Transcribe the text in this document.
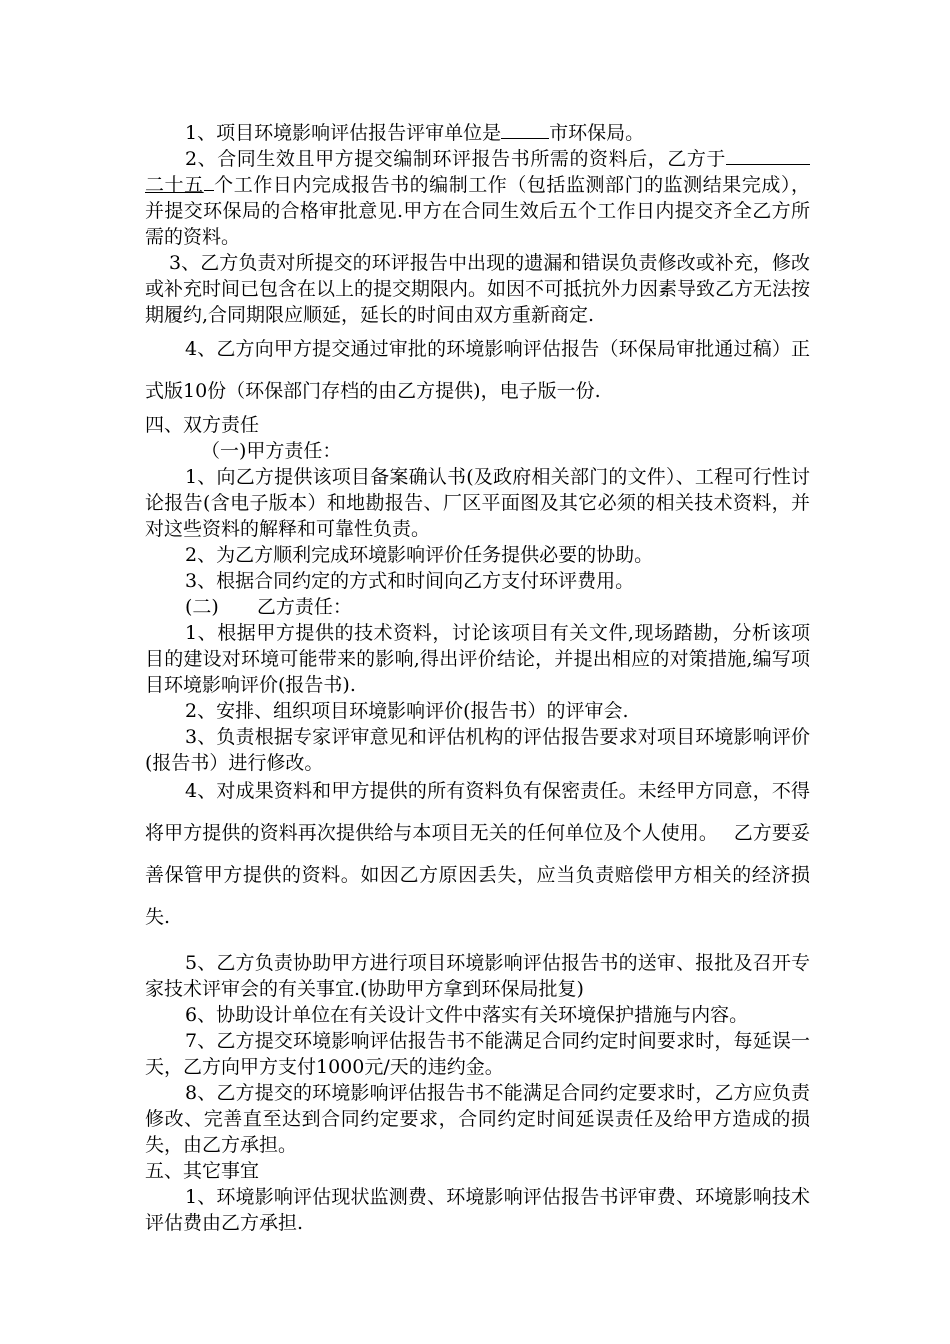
1、项目环境影响评估报告评审单位是	市环保局。

2、合同生效且甲方提交编制环评报告书所需的资料后，乙方于二十五 个工作日内完成报告书的编制工作（包括监测部门的监测结果完成），并提交环保局的合格审批意见.甲方在合同生效后五个工作日内提交齐全乙方所需的资料。

3、乙方负责对所提交的环评报告中出现的遗漏和错误负责修改或补充，修改或补充时间已包含在以上的提交期限内。如因不可抵抗外力因素导致乙方无法按期履约,合同期限应顺延，延长的时间由双方重新商定.

4、乙方向甲方提交通过审批的环境影响评估报告（环保局审批通过稿）正式版10份（环保部门存档的由乙方提供)，电子版一份.

四、双方责任

（一)甲方责任：

1、向乙方提供该项目备案确认书(及政府相关部门的文件）、工程可行性讨论报告(含电子版本）和地勘报告、厂区平面图及其它必须的相关技术资料，并对这些资料的解释和可靠性负责。

2、为乙方顺利完成环境影响评价任务提供必要的协助。

3、根据合同约定的方式和时间向乙方支付环评费用。

(二)　　乙方责任：

1、根据甲方提供的技术资料，讨论该项目有关文件,现场踏勘，分析该项目的建设对环境可能带来的影响,得出评价结论，并提出相应的对策措施,编写项目环境影响评价(报告书).

2、安排、组织项目环境影响评价(报告书）的评审会.

3、负责根据专家评审意见和评估机构的评估报告要求对项目环境影响评价(报告书）进行修改。

4、对成果资料和甲方提供的所有资料负有保密责任。未经甲方同意，不得将甲方提供的资料再次提供给与本项目无关的任何单位及个人使用。　 乙方要妥善保管甲方提供的资料。如因乙方原因丢失，应当负责赔偿甲方相关的经济损失.

5、乙方负责协助甲方进行项目环境影响评估报告书的送审、报批及召开专家技术评审会的有关事宜.(协助甲方拿到环保局批复)

6、协助设计单位在有关设计文件中落实有关环境保护措施与内容。

7、乙方提交环境影响评估报告书不能满足合同约定时间要求时，每延误一天，乙方向甲方支付1000元/天的违约金。

8、乙方提交的环境影响评估报告书不能满足合同约定要求时，乙方应负责修改、完善直至达到合同约定要求，合同约定时间延误责任及给甲方造成的损失，由乙方承担。

五、其它事宜

1、环境影响评估现状监测费、环境影响评估报告书评审费、环境影响技术评估费由乙方承担.
